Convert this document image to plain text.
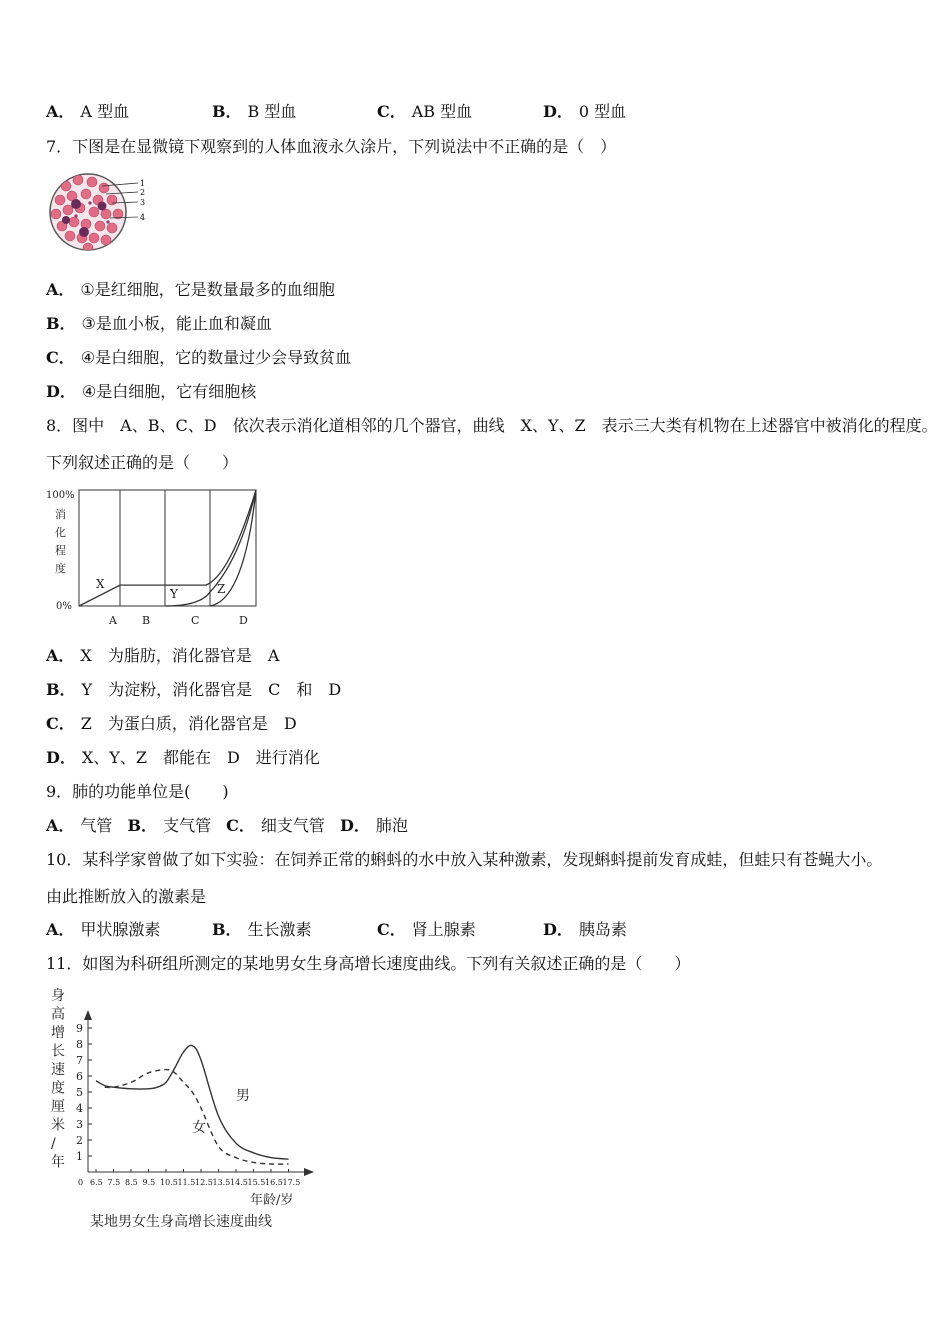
A． A 型血	B． B 型血	C． AB 型血	D． 0 型血
7．下图是在显微镜下观察到的人体血液永久涂片，下列说法中不正确的是（　）
1
2
3
4
A． ①是红细胞，它是数量最多的血细胞
B． ③是血小板，能止血和凝血
C． ④是白细胞，它的数量过少会导致贫血
D． ④是白细胞，它有细胞核
8．图中　A、B、C、D　依次表示消化道相邻的几个器官，曲线　X、Y、Z　表示三大类有机物在上述器官中被消化的程度。
下列叙述正确的是（　　）
100%
0%
消
化
程
度
A B	C	D
X
Y	Z
A． X　为脂肪，消化器官是　A
B． Y　为淀粉，消化器官是　C　和　D
C． Z　为蛋白质，消化器官是　D
D． X、Y、Z　都能在　D　进行消化
9．肺的功能单位是(　　)
A． 气管 B． 支气管 C． 细支气管 D． 肺泡
10．某科学家曾做了如下实验：在饲养正常的蝌蚪的水中放入某种激素，发现蝌蚪提前发育成蛙，但蛙只有苍蝇大小。
由此推断放入的激素是
A． 甲状腺激素	B． 生长激素	C． 肾上腺素	D． 胰岛素
11．如图为科研组所测定的某地男女生身高增长速度曲线。下列有关叙述正确的是（　　）
身
高
增
长
速
度
厘
米
/
年 1
2
3
4
5
6
7
8
9
0 6.5 7.5 8.5 9.5 10.5 11.5 12.5 13.5 14.5 15.5 16.5 17.5
男
女
年龄/岁
某地男女生身高增长速度曲线
